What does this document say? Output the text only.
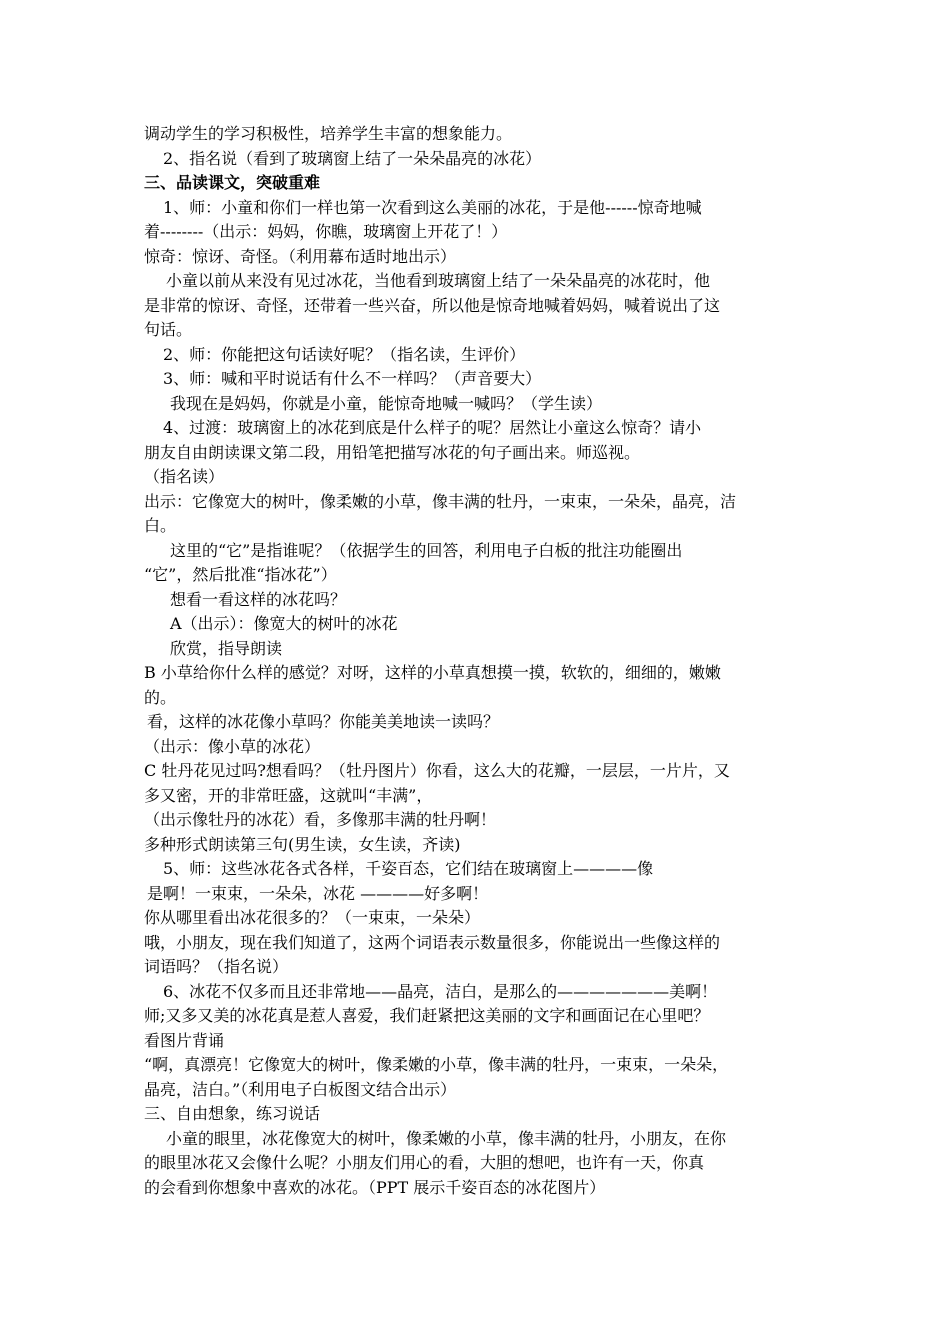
调动学生的学习积极性，培养学生丰富的想象能力。
2、指名说（看到了玻璃窗上结了一朵朵晶亮的冰花）
三、品读课文，突破重难
1、师：小童和你们一样也第一次看到这么美丽的冰花，于是他------惊奇地喊
着--------（出示：妈妈，你瞧，玻璃窗上开花了！）
惊奇：惊讶、奇怪。（利用幕布适时地出示）
小童以前从来没有见过冰花，当他看到玻璃窗上结了一朵朵晶亮的冰花时，他
是非常的惊讶、奇怪，还带着一些兴奋，所以他是惊奇地喊着妈妈，喊着说出了这
句话。
2、师：你能把这句话读好呢？（指名读，生评价）
3、师：喊和平时说话有什么不一样吗？（声音要大）
我现在是妈妈，你就是小童，能惊奇地喊一喊吗？（学生读）
4、过渡：玻璃窗上的冰花到底是什么样子的呢？居然让小童这么惊奇？请小
朋友自由朗读课文第二段，用铅笔把描写冰花的句子画出来。师巡视。
（指名读）
出示：它像宽大的树叶，像柔嫩的小草，像丰满的牡丹，一束束，一朵朵，晶亮，洁
白。
这里的“它”是指谁呢？（依据学生的回答，利用电子白板的批注功能圈出
“它”，然后批准“指冰花”）
想看一看这样的冰花吗？
A（出示）：像宽大的树叶的冰花
欣赏，指导朗读
B 小草给你什么样的感觉？对呀，这样的小草真想摸一摸，软软的，细细的，嫩嫩
的。
看，这样的冰花像小草吗？你能美美地读一读吗？
（出示：像小草的冰花）
C 牡丹花见过吗?想看吗？（牡丹图片）你看，这么大的花瓣，一层层，一片片，又
多又密，开的非常旺盛，这就叫“丰满”，
（出示像牡丹的冰花）看，多像那丰满的牡丹啊！
多种形式朗读第三句(男生读，女生读，齐读)
5、师：这些冰花各式各样，千姿百态，它们结在玻璃窗上————像
是啊！一束束，一朵朵，冰花 ————好多啊！
你从哪里看出冰花很多的？（一束束，一朵朵）
哦，小朋友，现在我们知道了，这两个词语表示数量很多，你能说出一些像这样的
词语吗？（指名说）
6、冰花不仅多而且还非常地——晶亮，洁白，是那么的———————美啊！
师;又多又美的冰花真是惹人喜爱，我们赶紧把这美丽的文字和画面记在心里吧？
看图片背诵
“啊，真漂亮！它像宽大的树叶，像柔嫩的小草，像丰满的牡丹，一束束，一朵朵，
晶亮，洁白。”（利用电子白板图文结合出示）
三、自由想象，练习说话
小童的眼里，冰花像宽大的树叶，像柔嫩的小草，像丰满的牡丹，小朋友，在你
的眼里冰花又会像什么呢？小朋友们用心的看，大胆的想吧，也许有一天，你真
的会看到你想象中喜欢的冰花。（PPT 展示千姿百态的冰花图片）
